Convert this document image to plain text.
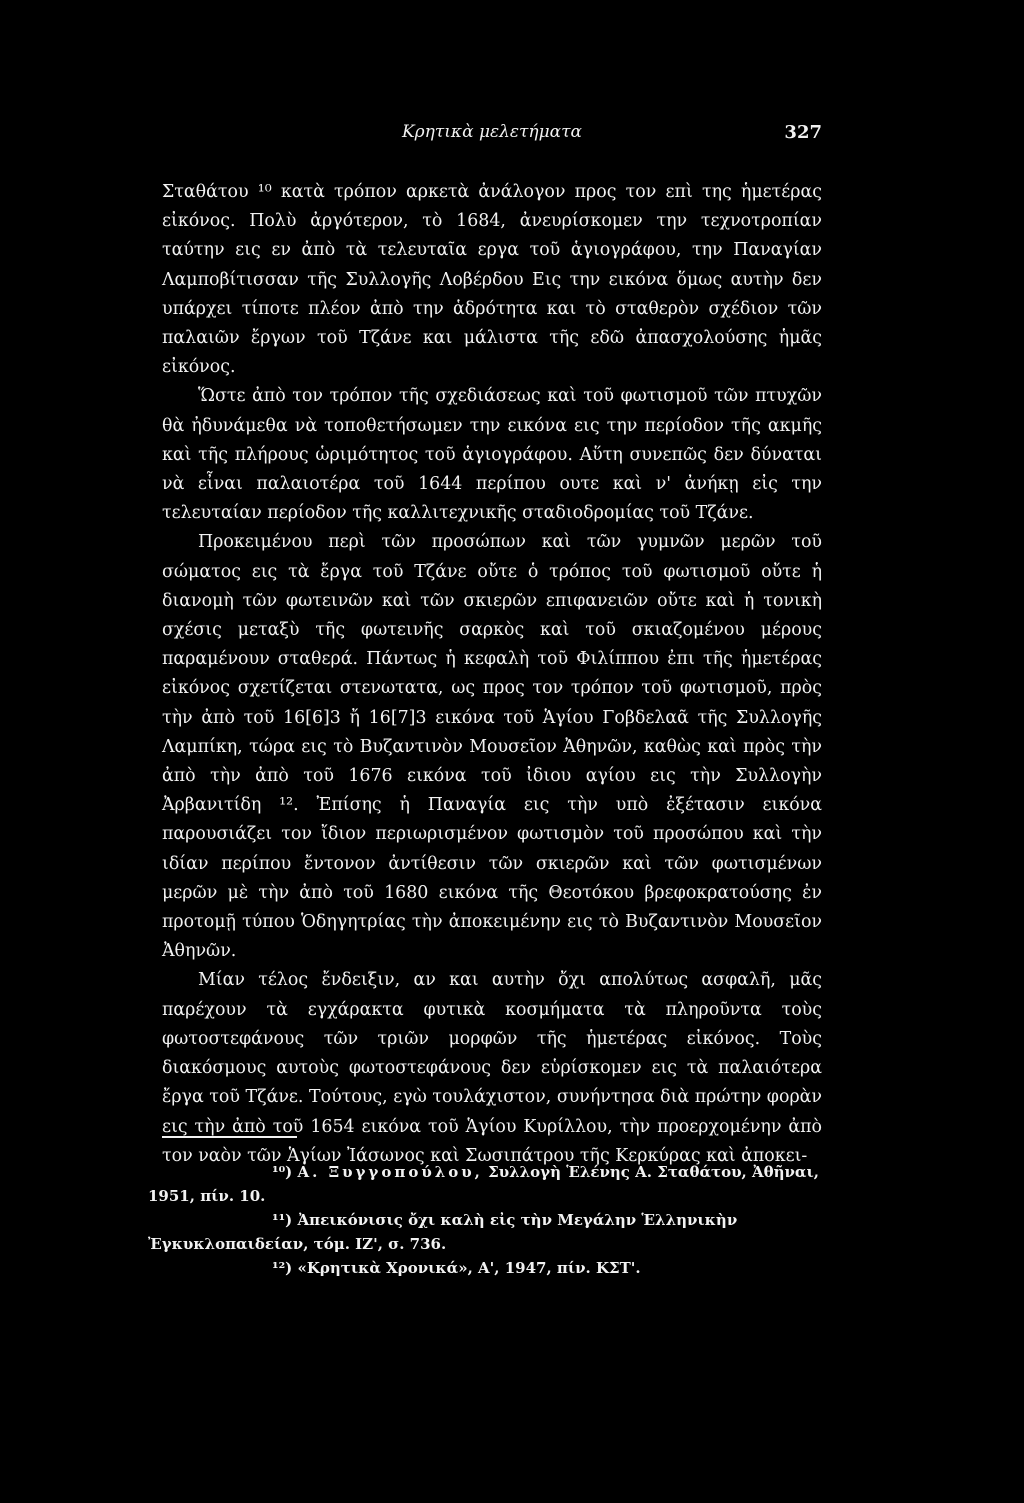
Κρητικὰ μελετήματα	327

Σταθάτου ¹⁰ κατὰ τρόπον αρκετὰ ἀνάλογον προς τον επὶ της ἡμετέρας εἰκόνος. Πολὺ ἀργότερον, τὸ 1684, ἀνευρίσκομεν την τεχνοτροπίαν ταύτην εις εν ἀπὸ τὰ τελευταῖα εργα τοῦ ἁγιογράφου, την Παναγίαν Λαμποβίτισσαν τῆς Συλλογῆς Λοβέρδου Εις την εικόνα ὅμως αυτὴν δεν υπάρχει τίποτε πλέον ἀπὸ την ἁδρότητα και τὸ σταθερὸν σχέδιον τῶν παλαιῶν ἔργων τοῦ Τζάνε και μάλιστα τῆς εδῶ ἀπασχολούσης ἡμᾶς εἰκόνος.

Ὥστε ἀπὸ τον τρόπον τῆς σχεδιάσεως καὶ τοῦ φωτισμοῦ τῶν πτυχῶν θὰ ἠδυνάμεθα νὰ τοποθετήσωμεν την εικόνα εις την περίοδον τῆς ακμῆς καὶ τῆς πλήρους ὡριμότητος τοῦ ἁγιογράφου. Αὕτη συνεπῶς δεν δύναται νὰ εἶναι παλαιοτέρα τοῦ 1644 περίπου ουτε καὶ ν' ἀνήκῃ εἰς την τελευταίαν περίοδον τῆς καλλιτεχνικῆς σταδιοδρομίας τοῦ Τζάνε.

Προκειμένου περὶ τῶν προσώπων καὶ τῶν γυμνῶν μερῶν τοῦ σώματος εις τὰ ἔργα τοῦ Τζάνε οὔτε ὁ τρόπος τοῦ φωτισμοῦ οὔτε ἡ διανομὴ τῶν φωτεινῶν καὶ τῶν σκιερῶν επιφανειῶν οὔτε καὶ ἡ τονικὴ σχέσις μεταξὺ τῆς φωτεινῆς σαρκὸς καὶ τοῦ σκιαζομένου μέρους παραμένουν σταθερά. Πάντως ἡ κεφαλὴ τοῦ Φιλίππου ἐπι τῆς ἡμετέρας εἰκόνος σχετίζεται στενωτατα, ως προς τον τρόπον τοῦ φωτισμοῦ, πρὸς τὴν ἀπὸ τοῦ 16[6]3 ἤ 16[7]3 εικόνα τοῦ Ἁγίου Γοβδελαᾶ τῆς Συλλογῆς Λαμπίκη, τώρα εις τὸ Βυζαντινὸν Μουσεῖον Ἀθηνῶν, καθὼς καὶ πρὸς τὴν ἀπὸ τὴν ἀπὸ τοῦ 1676 εικόνα τοῦ ἰδιου αγίου εις τὴν Συλλογὴν Ἀρβανιτίδη ¹². Ἐπίσης ἡ Παναγία εις τὴν υπὸ ἐξέτασιν εικόνα παρουσιάζει τον ἴδιον περιωρισμένον φωτισμὸν τοῦ προσώπου καὶ τὴν ιδίαν περίπου ἔντονον ἀντίθεσιν τῶν σκιερῶν καὶ τῶν φωτισμένων μερῶν μὲ τὴν ἀπὸ τοῦ 1680 εικόνα τῆς Θεοτόκου βρεφοκρατούσης ἐν προτομῇ τύπου Ὁδηγητρίας τὴν ἀποκειμένην εις τὸ Βυζαντινὸν Μουσεῖον Ἀθηνῶν.

Μίαν τέλος ἔνδειξιν, αν και αυτὴν ὄχι απολύτως ασφαλῆ, μᾶς παρέχουν τὰ εγχάρακτα φυτικὰ κοσμήματα τὰ πληροῦντα τοὺς φωτοστεφάνους τῶν τριῶν μορφῶν τῆς ἡμετέρας εἰκόνος. Τοὺς διακόσμους αυτοὺς φωτοστεφάνους δεν εὑρίσκομεν εις τὰ παλαιότερα ἔργα τοῦ Τζάνε. Τούτους, εγὼ τουλάχιστον, συνήντησα διὰ πρώτην φορὰν εις τὴν ἀπὸ τοῦ 1654 εικόνα τοῦ Ἁγίου Κυρίλλου, τὴν προερχομένην ἀπὸ τον ναὸν τῶν Ἁγίων Ἰάσωνος καὶ Σωσιπάτρου τῆς Κερκύρας καὶ ἀποκει-

¹⁰) Α. Ξυγγοπούλου, Συλλογὴ Ἑλένης Α. Σταθάτου, Ἀθῆναι, 1951, πίν. 10.

¹¹) Ἀπεικόνισις ὄχι καλὴ εἰς τὴν Μεγάλην Ἑλληνικὴν Ἐγκυκλοπαιδείαν, τόμ. ΙΖ', σ. 736.

¹²) «Κρητικὰ Χρονικά», Α', 1947, πίν. ΚΣΤ'.
